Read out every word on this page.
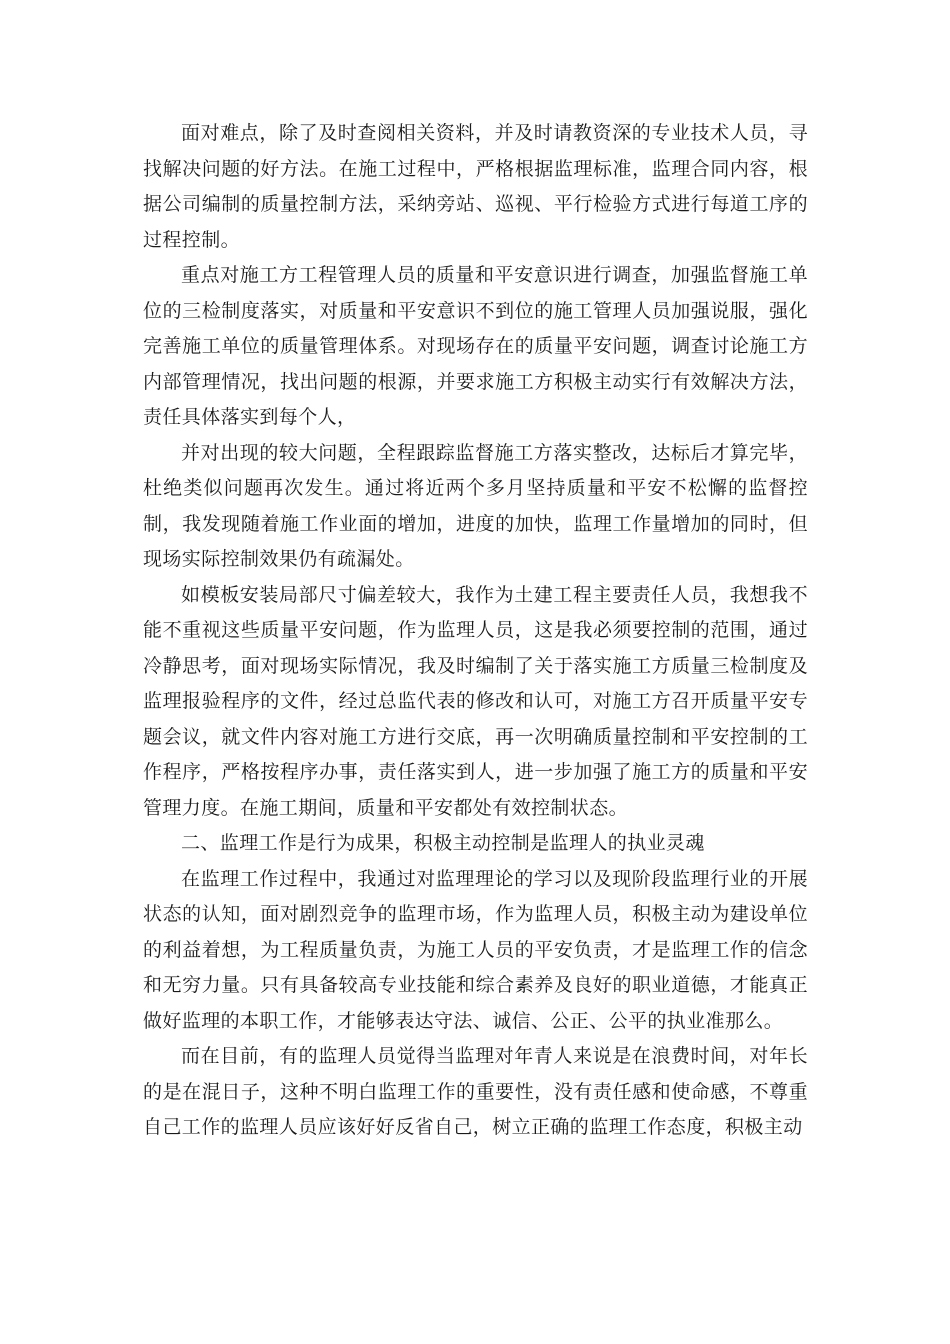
面对难点，除了及时查阅相关资料，并及时请教资深的专业技术人员，寻找解决问题的好方法。在施工过程中，严格根据监理标准，监理合同内容，根据公司编制的质量控制方法，采纳旁站、巡视、平行检验方式进行每道工序的过程控制。

重点对施工方工程管理人员的质量和平安意识进行调查，加强监督施工单位的三检制度落实，对质量和平安意识不到位的施工管理人员加强说服，强化完善施工单位的质量管理体系。对现场存在的质量平安问题，调查讨论施工方内部管理情况，找出问题的根源，并要求施工方积极主动实行有效解决方法，责任具体落实到每个人，

并对出现的较大问题，全程跟踪监督施工方落实整改，达标后才算完毕，杜绝类似问题再次发生。通过将近两个多月坚持质量和平安不松懈的监督控制，我发现随着施工作业面的增加，进度的加快，监理工作量增加的同时，但现场实际控制效果仍有疏漏处。

如模板安装局部尺寸偏差较大，我作为土建工程主要责任人员，我想我不能不重视这些质量平安问题，作为监理人员，这是我必须要控制的范围，通过冷静思考，面对现场实际情况，我及时编制了关于落实施工方质量三检制度及监理报验程序的文件，经过总监代表的修改和认可，对施工方召开质量平安专题会议，就文件内容对施工方进行交底，再一次明确质量控制和平安控制的工作程序，严格按程序办事，责任落实到人，进一步加强了施工方的质量和平安管理力度。在施工期间，质量和平安都处有效控制状态。

二、监理工作是行为成果，积极主动控制是监理人的执业灵魂

在监理工作过程中，我通过对监理理论的学习以及现阶段监理行业的开展状态的认知，面对剧烈竞争的监理市场，作为监理人员，积极主动为建设单位的利益着想，为工程质量负责，为施工人员的平安负责，才是监理工作的信念和无穷力量。只有具备较高专业技能和综合素养及良好的职业道德，才能真正做好监理的本职工作，才能够表达守法、诚信、公正、公平的执业准那么。

而在目前，有的监理人员觉得当监理对年青人来说是在浪费时间，对年长的是在混日子，这种不明白监理工作的重要性，没有责任感和使命感，不尊重自己工作的监理人员应该好好反省自己，树立正确的监理工作态度，积极主动
